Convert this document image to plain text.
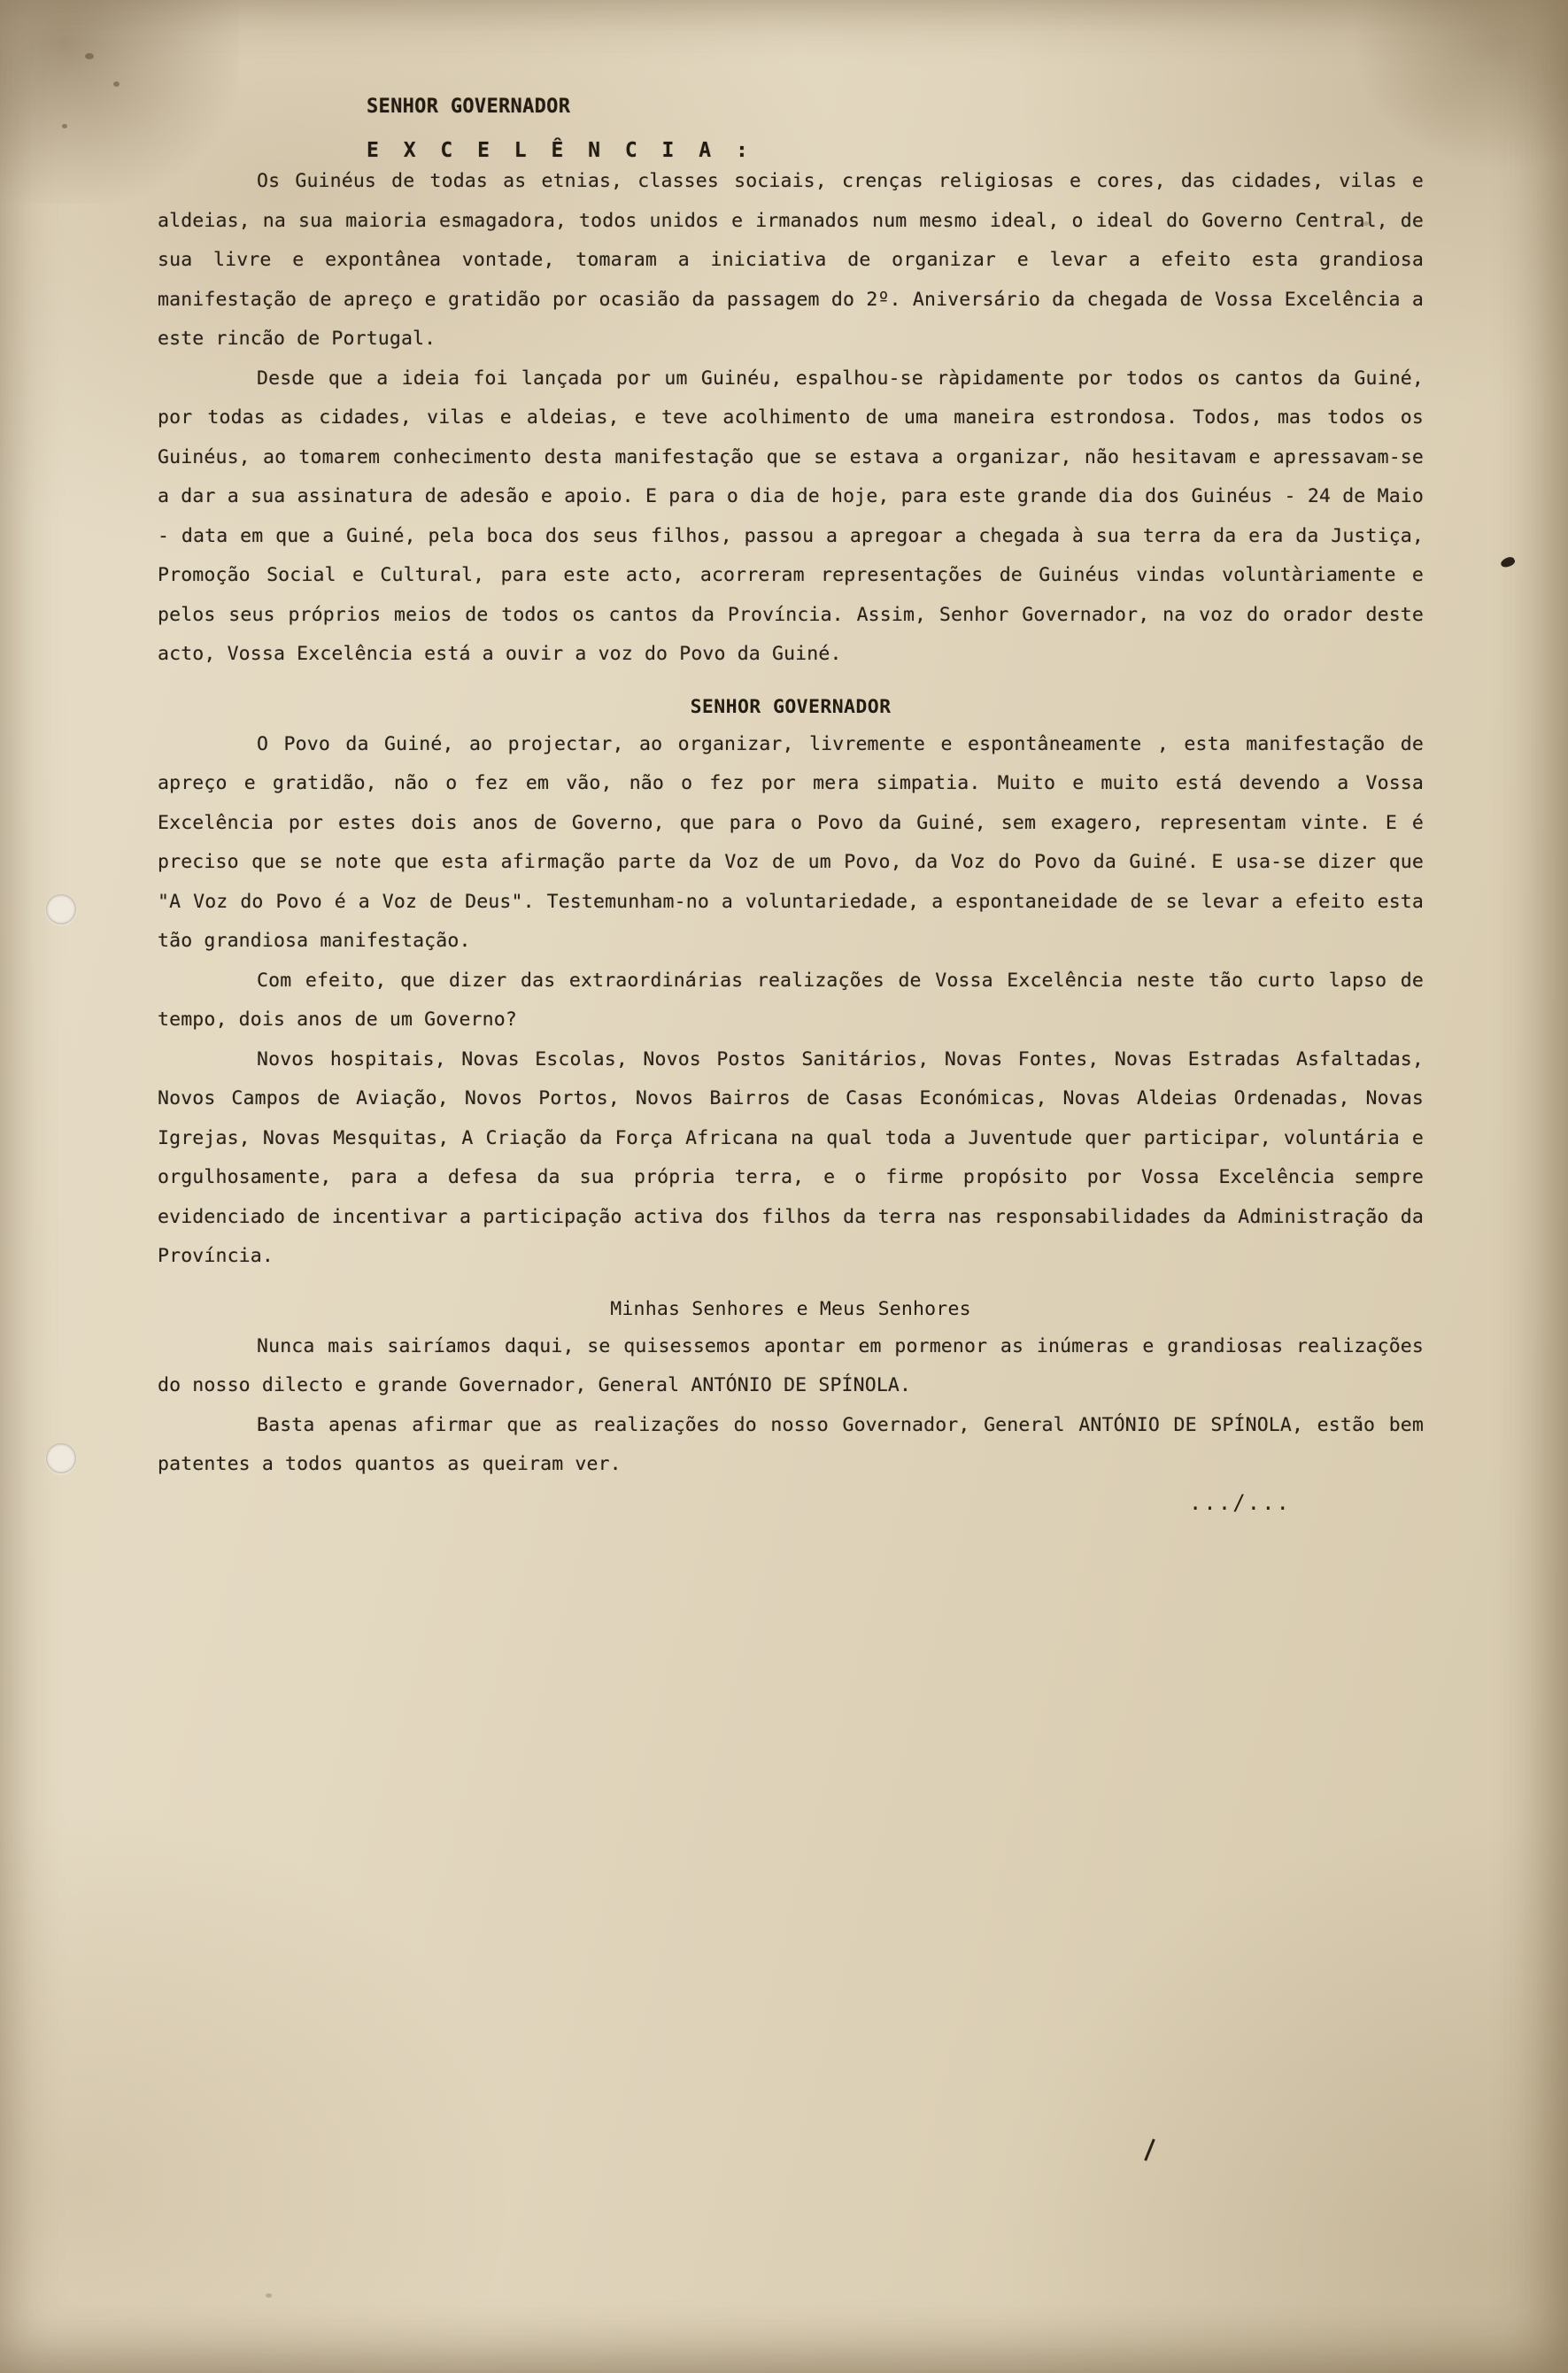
SENHOR GOVERNADOR
E X C E L Ê N C I A :

Os Guinéus de todas as etnias, classes sociais, crenças religiosas e cores, das cidades, vilas e aldeias, na sua maioria esmagadora, todos unidos e irmanados num mesmo ideal, o ideal do Governo Central, de sua livre e expontânea vontade, tomaram a iniciativa de organizar e levar a efeito esta grandiosa manifestação de apreço e gratidão por ocasião da passagem do 2º. Aniversário da chegada de Vossa Excelência a este rincão de Portugal.

Desde que a ideia foi lançada por um Guinéu, espalhou-se ràpidamente por todos os cantos da Guiné, por todas as cidades, vilas e aldeias, e teve acolhimento de uma maneira estrondosa. Todos, mas todos os Guinéus, ao tomarem conhecimento desta manifestação que se estava a organizar, não hesitavam e apressavam-se a dar a sua assinatura de adesão e apoio. E para o dia de hoje, para este grande dia dos Guinéus - 24 de Maio - data em que a Guiné, pela boca dos seus filhos, passou a apregoar a chegada à sua terra da era da Justiça, Promoção Social e Cultural, para este acto, acorreram representações de Guinéus vindas voluntàriamente e pelos seus próprios meios de todos os cantos da Província. Assim, Senhor Governador, na voz do orador deste acto, Vossa Excelência está a ouvir a voz do Povo da Guiné.

SENHOR GOVERNADOR

O Povo da Guiné, ao projectar, ao organizar, livremente e espontâneamente , esta manifestação de apreço e gratidão, não o fez em vão, não o fez por mera simpatia. Muito e muito está devendo a Vossa Excelência por estes dois anos de Governo, que para o Povo da Guiné, sem exagero, representam vinte. E é preciso que se note que esta afirmação parte da Voz de um Povo, da Voz do Povo da Guiné. E usa-se dizer que "A Voz do Povo é a Voz de Deus". Testemunham-no a voluntariedade, a espontaneidade de se levar a efeito esta tão grandiosa manifestação.

Com efeito, que dizer das extraordinárias realizações de Vossa Excelência neste tão curto lapso de tempo, dois anos de um Governo?

Novos hospitais, Novas Escolas, Novos Postos Sanitários, Novas Fontes, Novas Estradas Asfaltadas, Novos Campos de Aviação, Novos Portos, Novos Bairros de Casas Económicas, Novas Aldeias Ordenadas, Novas Igrejas, Novas Mesquitas, A Criação da Força Africana na qual toda a Juventude quer participar, voluntária e orgulhosamente, para a defesa da sua própria terra, e o firme propósito por Vossa Excelência sempre evidenciado de incentivar a participação activa dos filhos da terra nas responsabilidades da Administração da Província.

Minhas Senhores e Meus Senhores

Nunca mais sairíamos daqui, se quisessemos apontar em pormenor as inúmeras e grandiosas realizações do nosso dilecto e grande Governador, General ANTÓNIO DE SPÍNOLA.

Basta apenas afirmar que as realizações do nosso Governador, General ANTÓNIO DE SPÍNOLA, estão bem patentes a todos quantos as queiram ver.

.../...
